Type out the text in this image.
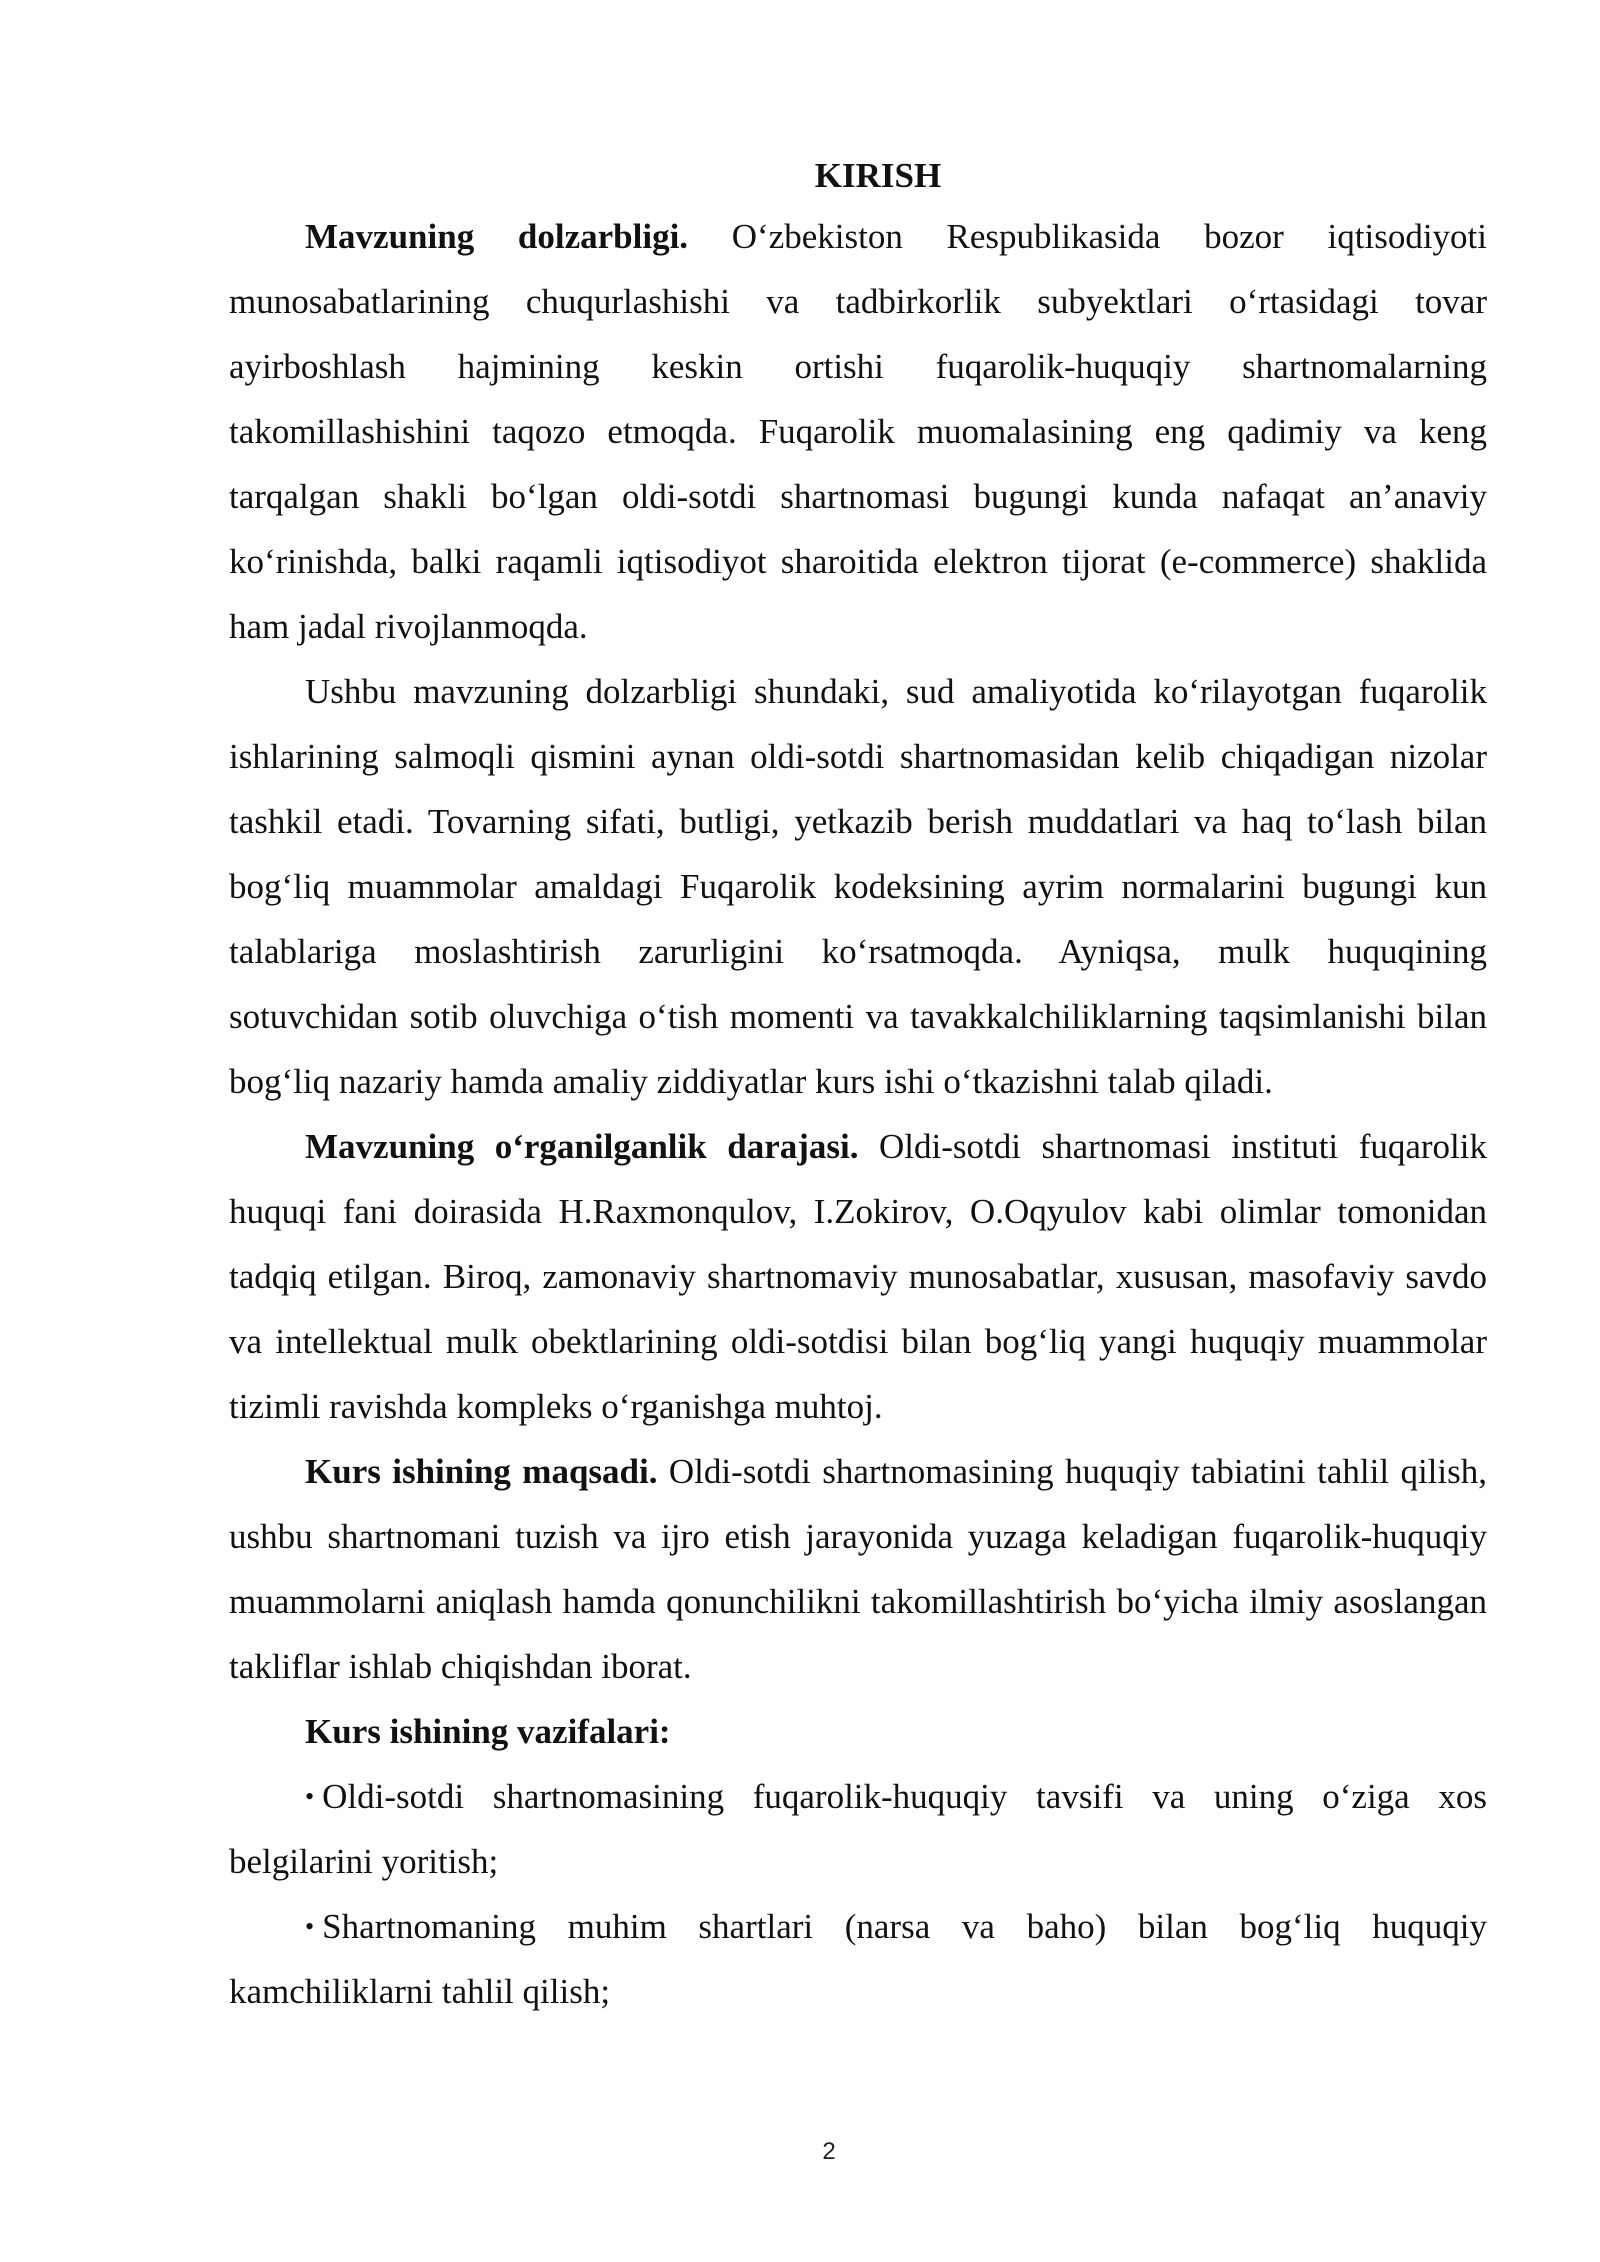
KIRISH

Mavzuning dolzarbligi. O‘zbekiston Respublikasida bozor iqtisodiyoti munosabatlarining chuqurlashishi va tadbirkorlik subyektlari o‘rtasidagi tovar ayirboshlash hajmining keskin ortishi fuqarolik-huquqiy shartnomalarning takomillashishini taqozo etmoqda. Fuqarolik muomalasining eng qadimiy va keng tarqalgan shakli bo‘lgan oldi-sotdi shartnomasi bugungi kunda nafaqat an’anaviy ko‘rinishda, balki raqamli iqtisodiyot sharoitida elektron tijorat (e-commerce) shaklida ham jadal rivojlanmoqda.

Ushbu mavzuning dolzarbligi shundaki, sud amaliyotida ko‘rilayotgan fuqarolik ishlarining salmoqli qismini aynan oldi-sotdi shartnomasidan kelib chiqadigan nizolar tashkil etadi. Tovarning sifati, butligi, yetkazib berish muddatlari va haq to‘lash bilan bog‘liq muammolar amaldagi Fuqarolik kodeksining ayrim normalarini bugungi kun talablariga moslashtirish zarurligini ko‘rsatmoqda. Ayniqsa, mulk huquqining sotuvchidan sotib oluvchiga o‘tish momenti va tavakkalchiliklarning taqsimlanishi bilan bog‘liq nazariy hamda amaliy ziddiyatlar kurs ishi o‘tkazishni talab qiladi.

Mavzuning o‘rganilganlik darajasi. Oldi-sotdi shartnomasi instituti fuqarolik huquqi fani doirasida H.Raxmonqulov, I.Zokirov, O.Oqyulov kabi olimlar tomonidan tadqiq etilgan. Biroq, zamonaviy shartnomaviy munosabatlar, xususan, masofaviy savdo va intellektual mulk obektlarining oldi-sotdisi bilan bog‘liq yangi huquqiy muammolar tizimli ravishda kompleks o‘rganishga muhtoj.

Kurs ishining maqsadi. Oldi-sotdi shartnomasining huquqiy tabiatini tahlil qilish, ushbu shartnomani tuzish va ijro etish jarayonida yuzaga keladigan fuqarolik-huquqiy muammolarni aniqlash hamda qonunchilikni takomillashtirish bo‘yicha ilmiy asoslangan takliflar ishlab chiqishdan iborat.

Kurs ishining vazifalari:

• Oldi-sotdi shartnomasining fuqarolik-huquqiy tavsifi va uning o‘ziga xos belgilarini yoritish;

• Shartnomaning muhim shartlari (narsa va baho) bilan bog‘liq huquqiy kamchiliklarni tahlil qilish;

2
